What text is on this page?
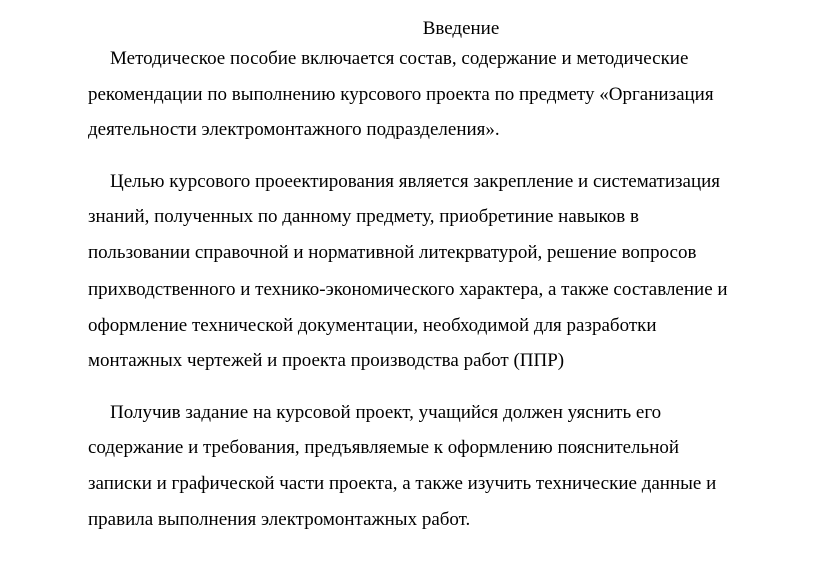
Введение
Методическое пособие включается состав, содержание и методические
рекомендации по выполнению курсового проекта по предмету «Организация
деятельности электромонтажного подразделения».
Целью курсового проеектирования является закрепление и систематизация
знаний, полученных по данному предмету, приобретиние навыков в
пользовании справочной и нормативной литекрватурой, решение вопросов
прихводственного и технико-экономического характера, а также составление и
оформление технической документации, необходимой для разработки
монтажных чертежей и проекта производства работ (ППР)
Получив задание на курсовой проект, учащийся должен уяснить его
содержание и требования, предъявляемые к оформлению пояснительной
записки и графической части проекта, а также изучить технические данные и
правила выполнения электромонтажных работ.
